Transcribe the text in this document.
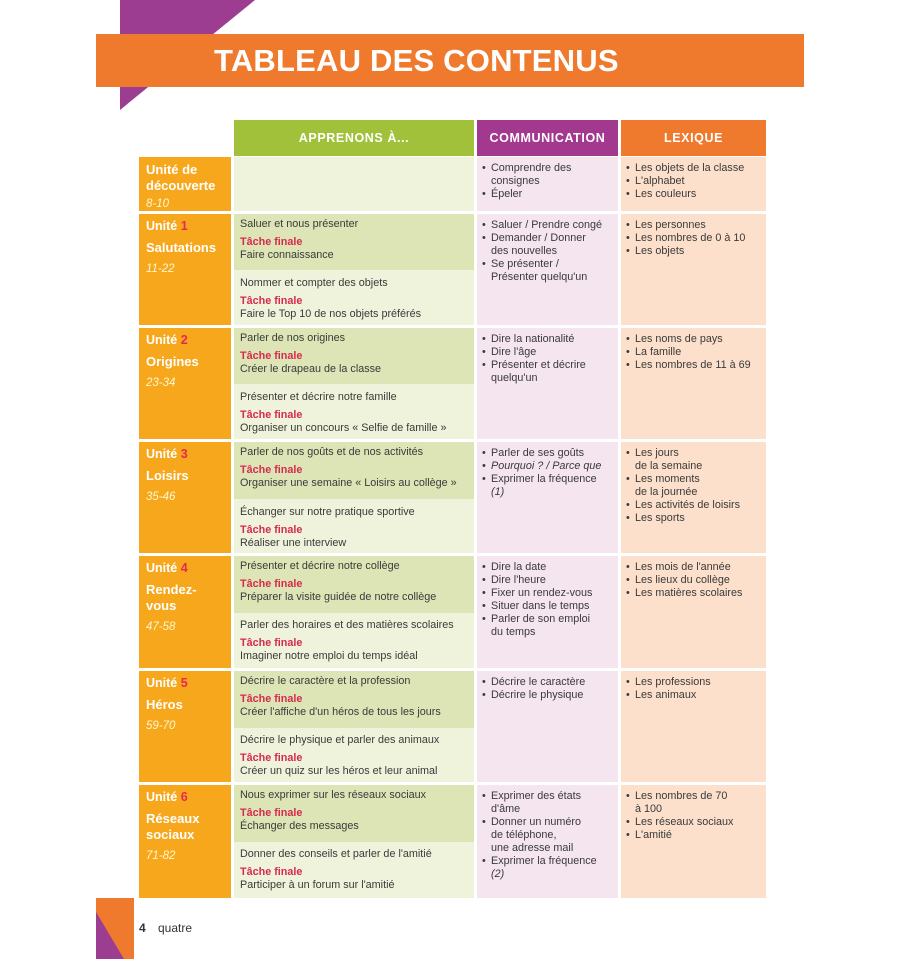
TABLEAU DES CONTENUS
APPRENONS À...	COMMUNICATION	LEXIQUE
Unité de découverte
8-10
• Comprendre des
consignes
• Épeler
• Les objets de la classe
• L'alphabet
• Les couleurs
Unité 1
Salutations
11-22
Saluer et nous présenter
Tâche finale
Faire connaissance
Nommer et compter des objets
Tâche finale
Faire le Top 10 de nos objets préférés
• Saluer / Prendre congé
• Demander / Donner
des nouvelles
• Se présenter /
Présenter quelqu'un
• Les personnes
• Les nombres de 0 à 10
• Les objets
Unité 2
Origines
23-34
Parler de nos origines
Tâche finale
Créer le drapeau de la classe
Présenter et décrire notre famille
Tâche finale
Organiser un concours « Selfie de famille »
• Dire la nationalité
• Dire l'âge
• Présenter et décrire
quelqu'un
• Les noms de pays
• La famille
• Les nombres de 11 à 69
Unité 3
Loisirs
35-46
Parler de nos goûts et de nos activités
Tâche finale
Organiser une semaine « Loisirs au collège »
Échanger sur notre pratique sportive
Tâche finale
Réaliser une interview
• Parler de ses goûts
• Pourquoi ? / Parce que
• Exprimer la fréquence
(1)
• Les jours
de la semaine
• Les moments
de la journée
• Les activités de loisirs
• Les sports
Unité 4
Rendez-
vous
47-58
Présenter et décrire notre collège
Tâche finale
Préparer la visite guidée de notre collège
Parler des horaires et des matières scolaires
Tâche finale
Imaginer notre emploi du temps idéal
• Dire la date
• Dire l'heure
• Fixer un rendez-vous
• Situer dans le temps
• Parler de son emploi
du temps
• Les mois de l'année
• Les lieux du collège
• Les matières scolaires
Unité 5
Héros
59-70
Décrire le caractère et la profession
Tâche finale
Créer l'affiche d'un héros de tous les jours
Décrire le physique et parler des animaux
Tâche finale
Créer un quiz sur les héros et leur animal
• Décrire le caractère
• Décrire le physique
• Les professions
• Les animaux
Unité 6
Réseaux
sociaux
71-82
Nous exprimer sur les réseaux sociaux
Tâche finale
Échanger des messages
Donner des conseils et parler de l'amitié
Tâche finale
Participer à un forum sur l'amitié
• Exprimer des états
d'âme
• Donner un numéro
de téléphone,
une adresse mail
• Exprimer la fréquence
(2)
• Les nombres de 70
à 100
• Les réseaux sociaux
• L'amitié
4 quatre
